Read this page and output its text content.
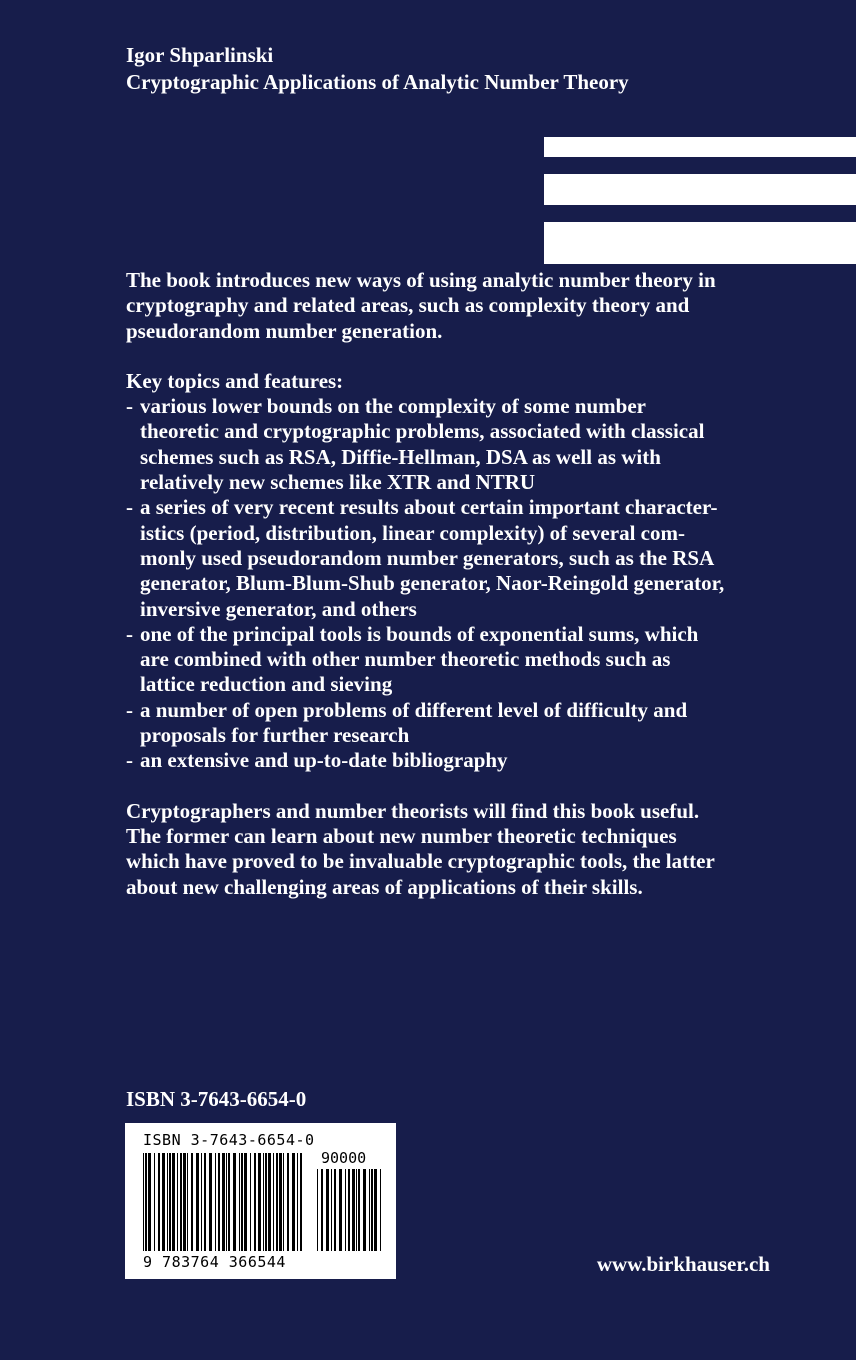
Igor Shparlinski
Cryptographic Applications of Analytic Number Theory

The book introduces new ways of using analytic number theory in
cryptography and related areas, such as complexity theory and
pseudorandom number generation.

Key topics and features:

- various lower bounds on the complexity of some number
theoretic and cryptographic problems, associated with classical
schemes such as RSA, Diffie-Hellman, DSA as well as with
relatively new schemes like XTR and NTRU
- a series of very recent results about certain important character-
istics (period, distribution, linear complexity) of several com-
monly used pseudorandom number generators, such as the RSA
generator, Blum-Blum-Shub generator, Naor-Reingold generator,
inversive generator, and others
- one of the principal tools is bounds of exponential sums, which
are combined with other number theoretic methods such as
lattice reduction and sieving
- a number of open problems of different level of difficulty and
proposals for further research
- an extensive and up-to-date bibliography

Cryptographers and number theorists will find this book useful.
The former can learn about new number theoretic techniques
which have proved to be invaluable cryptographic tools, the latter
about new challenging areas of applications of their skills.

ISBN 3-7643-6654-0
ISBN 3-7643-6654-0
90000
9 783764 366544	www.birkhauser.ch
